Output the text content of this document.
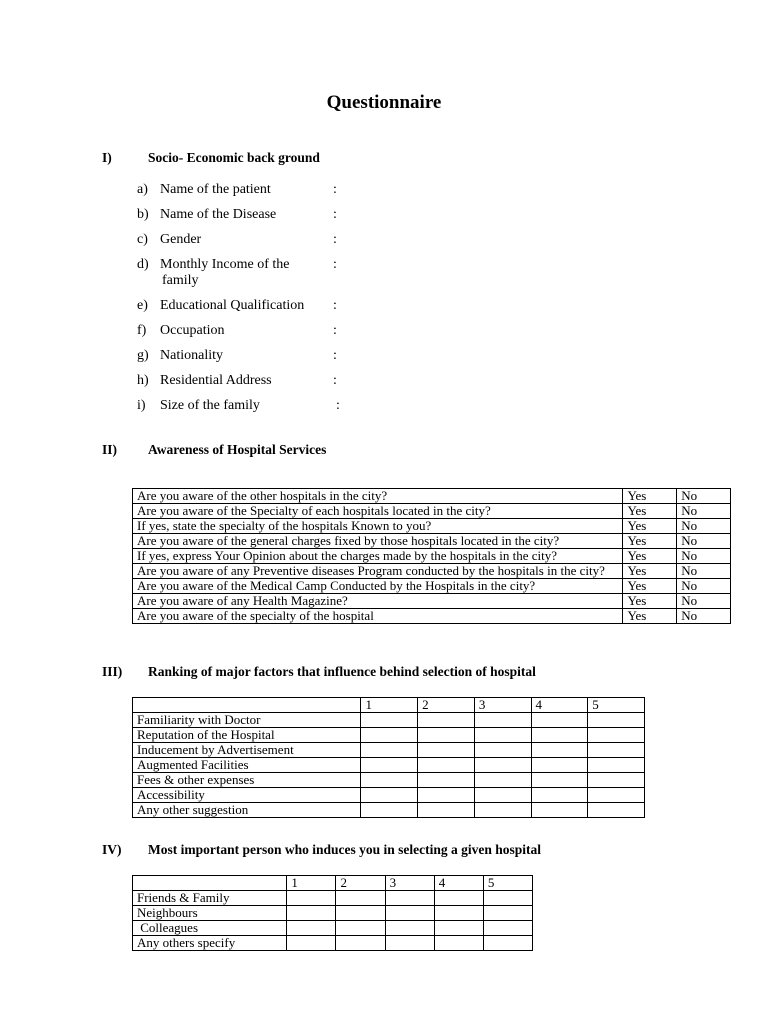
Questionnaire
I)	Socio- Economic back ground
a) Name of the patient	:
b) Name of the Disease	:
c) Gender	:
d) Monthly Income of the	:
family
e) Educational Qualification :
f) Occupation	:
g) Nationality	:
h) Residential Address	:
i) Size of the family	:
II) Awareness of Hospital Services
Are you aware of the other hospitals in the city?	Yes	No
Are you aware of the Specialty of each hospitals located in the city?	Yes	No
If yes, state the specialty of the hospitals Known to you?	Yes	No
Are you aware of the general charges fixed by those hospitals located in the city?	Yes	No
If yes, express Your Opinion about the charges made by the hospitals in the city?	Yes	No
Are you aware of any Preventive diseases Program conducted by the hospitals in the city?	Yes	No
Are you aware of the Medical Camp Conducted by the Hospitals in the city?	Yes	No
Are you aware of any Health Magazine?	Yes	No
Are you aware of the specialty of the hospital	Yes	No
III) Ranking of major factors that influence behind selection of hospital
	1	2	3	4	5
Familiarity with Doctor					
Reputation of the Hospital					
Inducement by Advertisement					
Augmented Facilities					
Fees & other expenses					
Accessibility					
Any other suggestion					
IV) Most important person who induces you in selecting a given hospital
	1	2	3	4	5
Friends & Family					
Neighbours					
Colleagues					
Any others specify					
